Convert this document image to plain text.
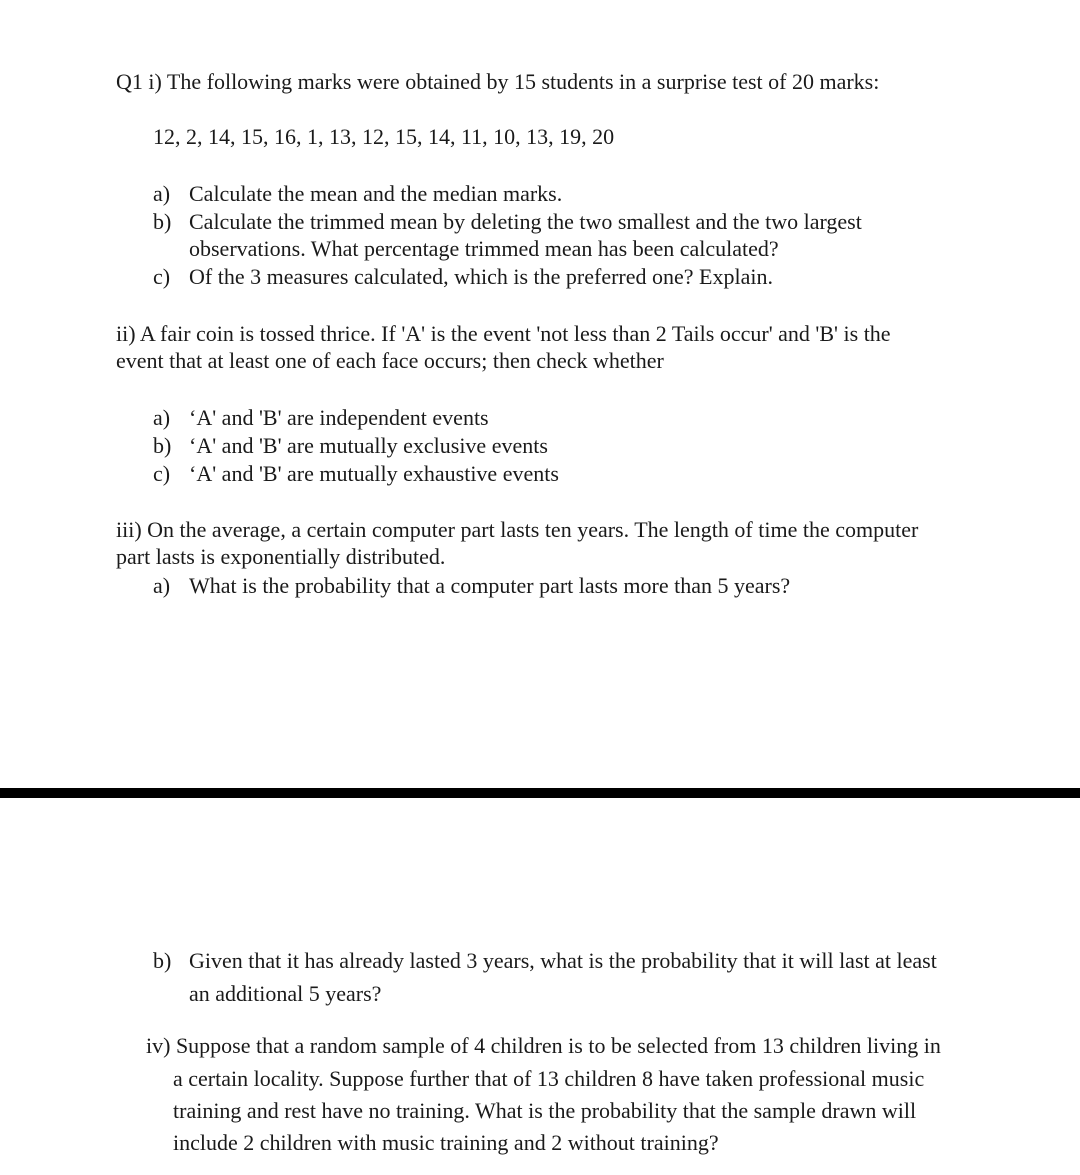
Q1 i) The following marks were obtained by 15 students in a surprise test of 20 marks:
12, 2, 14, 15, 16, 1, 13, 12, 15, 14, 11, 10, 13, 19, 20
a) Calculate the mean and the median marks.
b) Calculate the trimmed mean by deleting the two smallest and the two largest
observations. What percentage trimmed mean has been calculated?
c) Of the 3 measures calculated, which is the preferred one? Explain.
ii) A fair coin is tossed thrice. If 'A' is the event 'not less than 2 Tails occur' and 'B' is the
event that at least one of each face occurs; then check whether
a) ‘A' and 'B' are independent events
b) ‘A' and 'B' are mutually exclusive events
c) ‘A' and 'B' are mutually exhaustive events
iii) On the average, a certain computer part lasts ten years. The length of time the computer
part lasts is exponentially distributed.
a) What is the probability that a computer part lasts more than 5 years?
b) Given that it has already lasted 3 years, what is the probability that it will last at least
an additional 5 years?
iv) Suppose that a random sample of 4 children is to be selected from 13 children living in
a certain locality. Suppose further that of 13 children 8 have taken professional music
training and rest have no training. What is the probability that the sample drawn will
include 2 children with music training and 2 without training?
